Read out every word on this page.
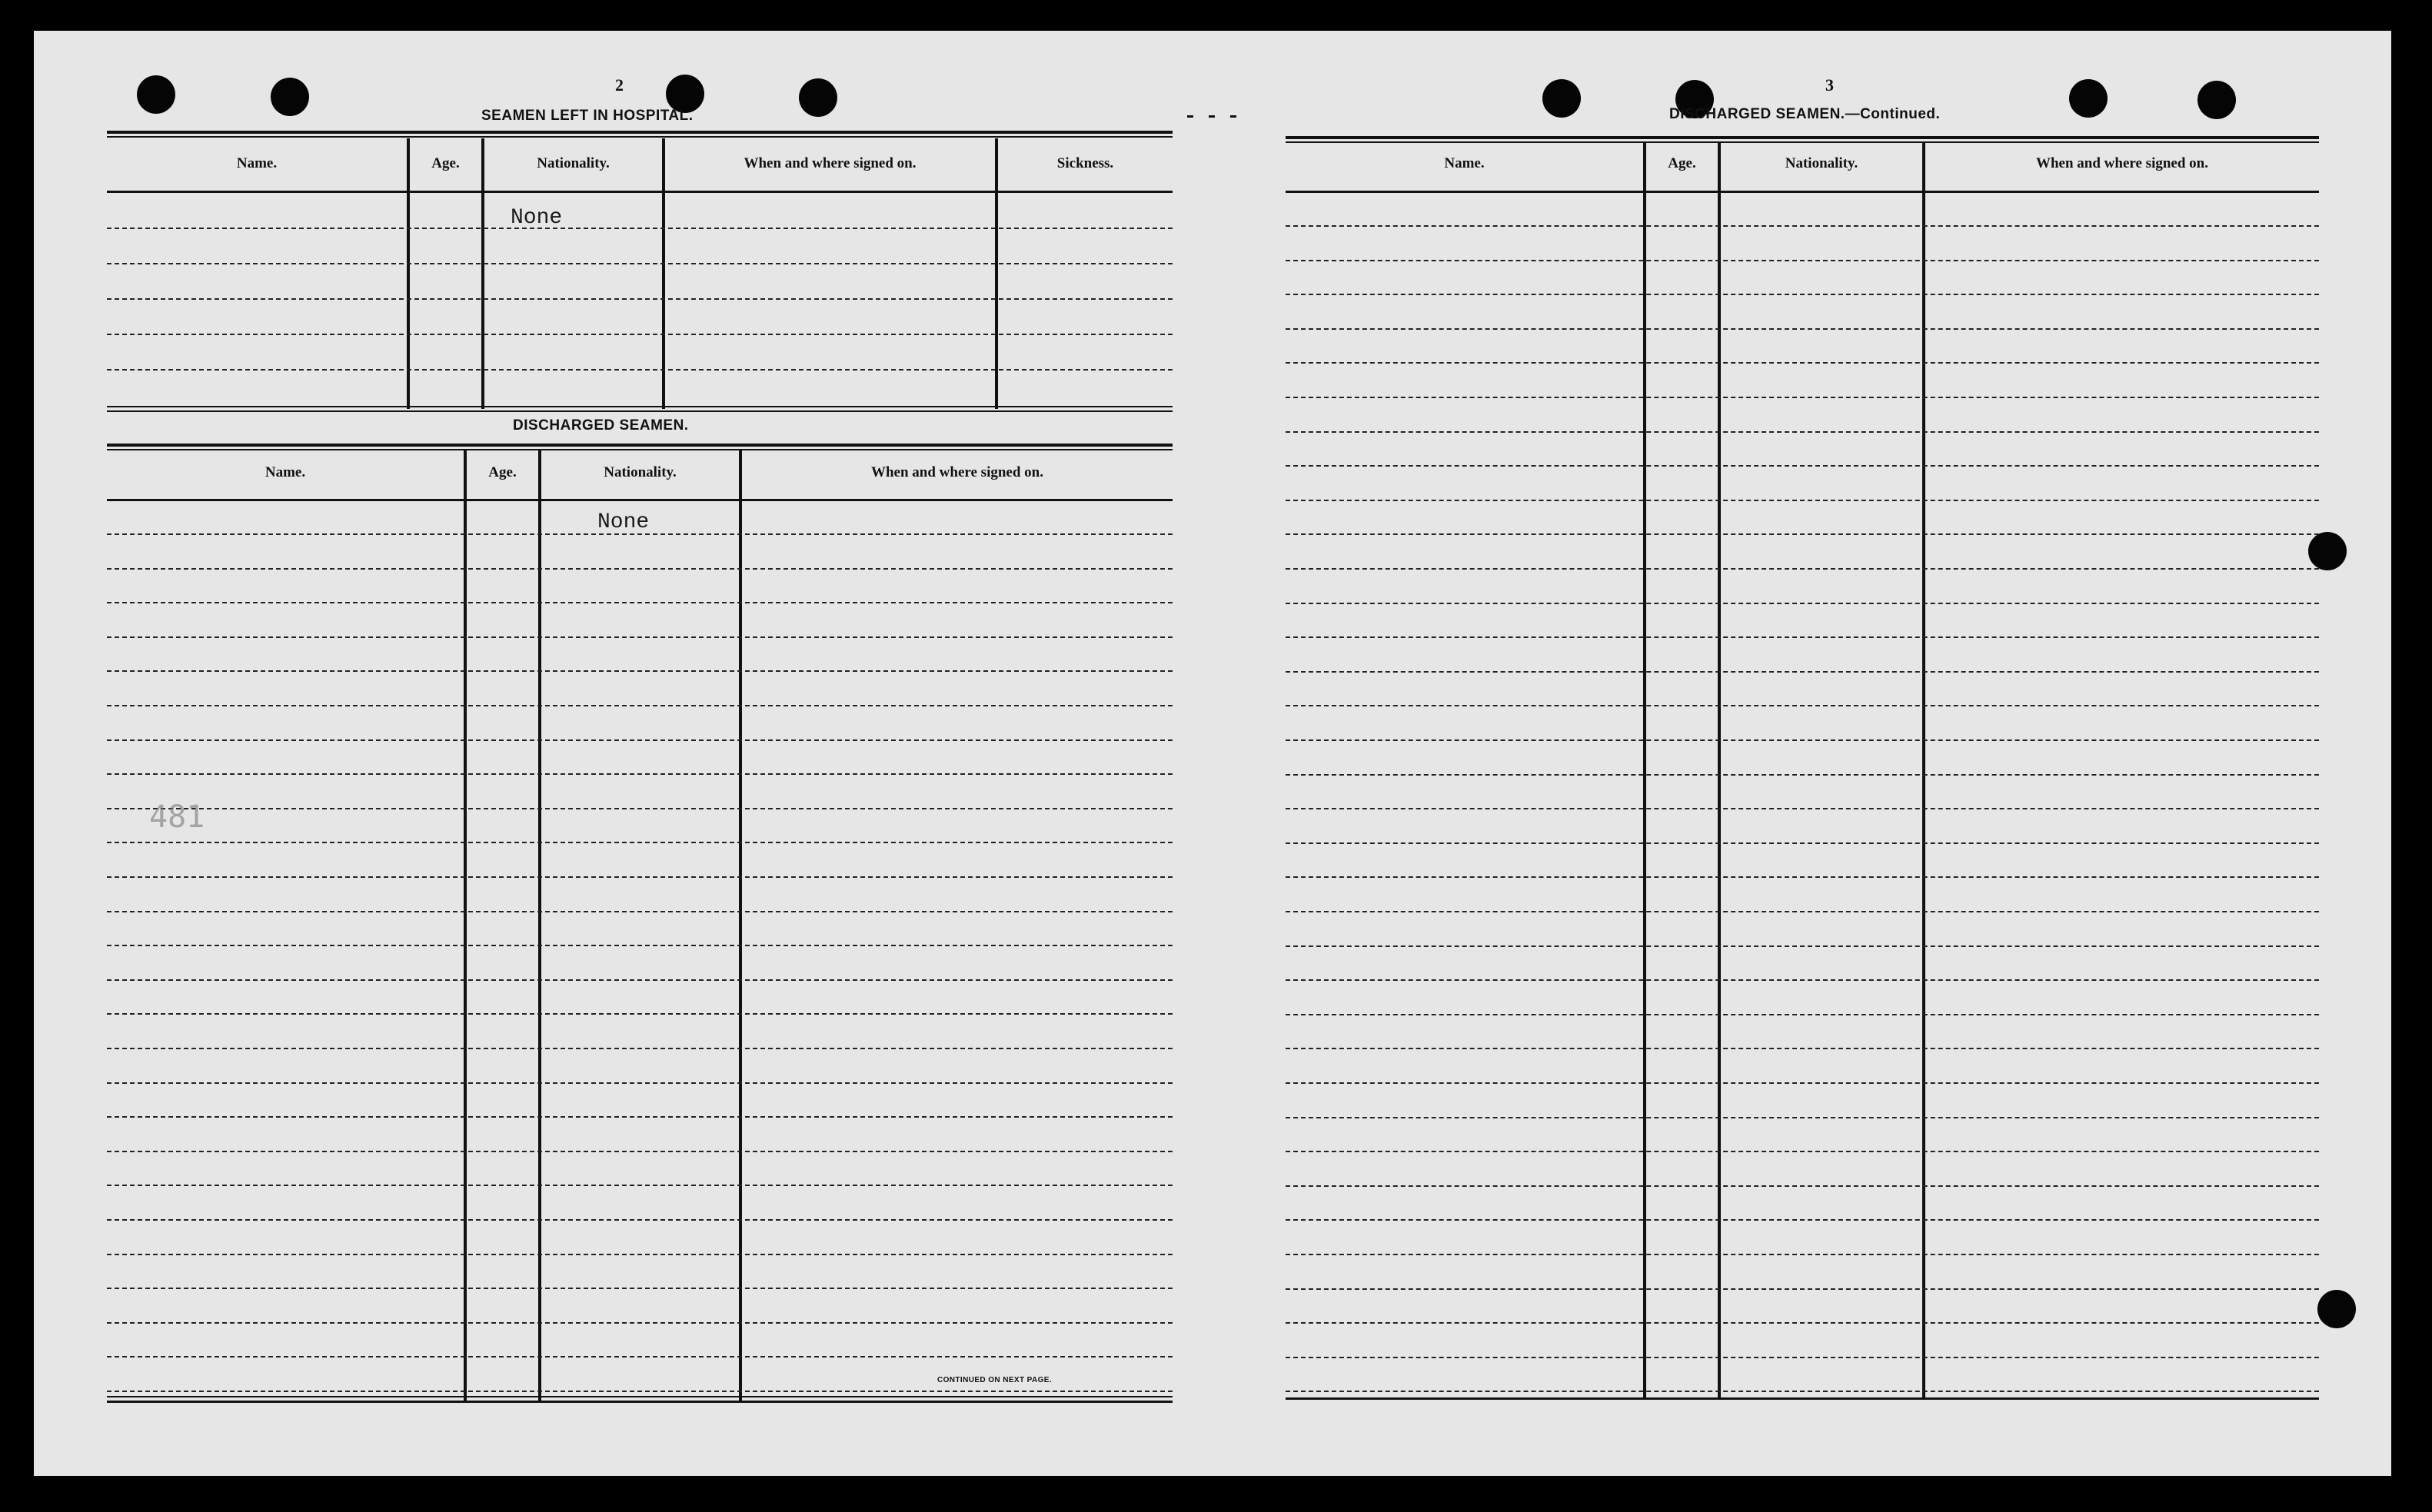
2
SEAMEN LEFT IN HOSPITAL.
Name.	Age.	Nationality.	When and where signed on.	Sickness.
None
DISCHARGED SEAMEN.
Name.	Age.	Nationality.	When and where signed on.
None
CONTINUED ON NEXT PAGE.
481
3
DISCHARGED SEAMEN.—Continued.
Name.	Age.	Nationality.	When and where signed on.
